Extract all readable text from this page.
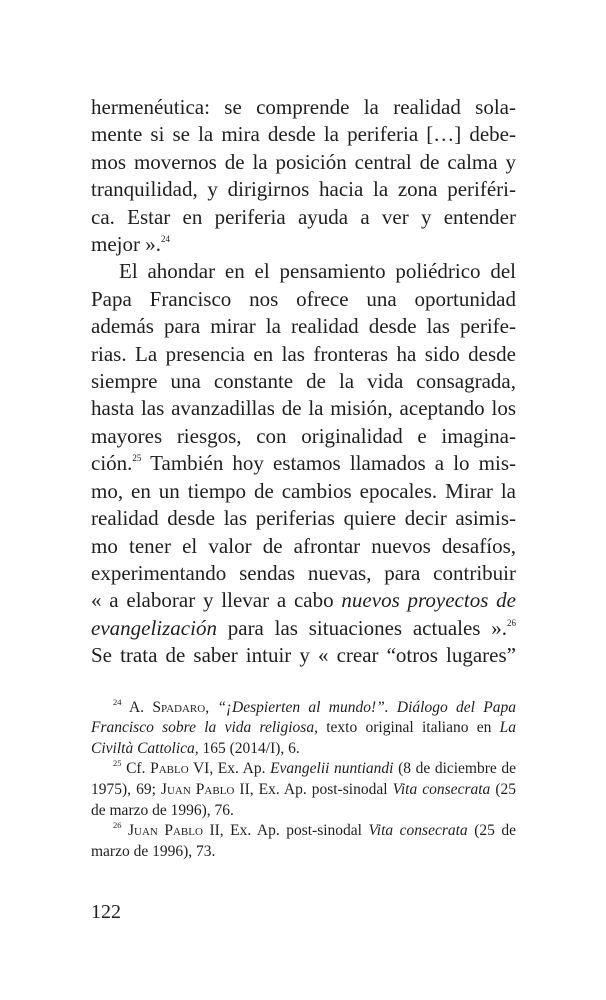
hermenéutica: se comprende la realidad sola-
mente si se la mira desde la periferia […] debe-
mos movernos de la posición central de calma y
tranquilidad, y dirigirnos hacia la zona periféri-
ca. Estar en periferia ayuda a ver y entender
mejor ».$^{24}$

El ahondar en el pensamiento poliédrico del
Papa Francisco nos ofrece una oportunidad
además para mirar la realidad desde las perife-
rias. La presencia en las fronteras ha sido desde
siempre una constante de la vida consagrada,
hasta las avanzadillas de la misión, aceptando los
mayores riesgos, con originalidad e imagina-
ción.$^{25}$ También hoy estamos llamados a lo mis-
mo, en un tiempo de cambios epocales. Mirar la
realidad desde las periferias quiere decir asimis-
mo tener el valor de afrontar nuevos desafíos,
experimentando sendas nuevas, para contribuir
« a elaborar y llevar a cabo nuevos proyectos de
evangelización para las situaciones actuales ».$^{26}$
Se trata de saber intuir y « crear “otros lugares”

$^{24}$ A. Spadaro, “¡Despierten al mundo!”. Diálogo del Papa Francisco sobre la vida religiosa, texto original italiano en La Civiltà Cattolica, 165 (2014/I), 6.

$^{25}$ Cf. Pablo VI, Ex. Ap. Evangelii nuntiandi (8 de diciembre de 1975), 69; Juan Pablo II, Ex. Ap. post-sinodal Vita consecrata (25 de marzo de 1996), 76.

$^{26}$ Juan Pablo II, Ex. Ap. post-sinodal Vita consecrata (25 de marzo de 1996), 73.

122
